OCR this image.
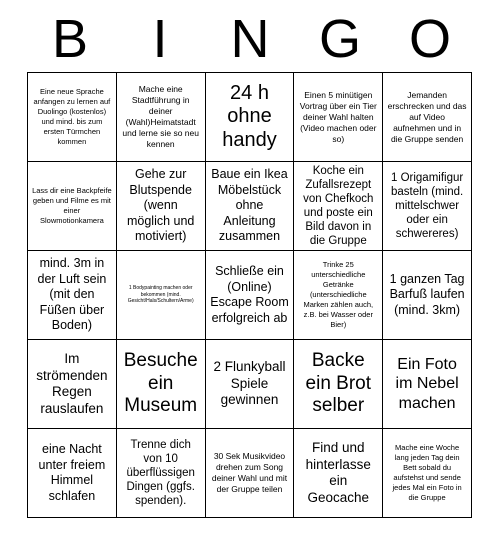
B	I	N G O
Eine neue Sprache anfangen zu lernen auf Duolingo (kostenlos) und mind. bis zum ersten Türmchen kommen
Mache eine Stadtführung in deiner (Wahl)Heimatstadt und lerne sie so neu kennen
24 h ohne handy
Einen 5 minütigen Vortrag über ein Tier deiner Wahl halten (Video machen oder so)
Jemanden erschrecken und das auf Video aufnehmen und in die Gruppe senden
Lass dir eine Backpfeife geben und Filme es mit einer Slowmotionkamera
Gehe zur Blutspende (wenn möglich und motiviert)
Baue ein Ikea Möbelstück ohne Anleitung zusammen
Koche ein Zufallsrezept von Chefkoch und poste ein Bild davon in die Gruppe
1 Origamifigur basteln (mind. mittelschwer oder ein schwereres)
mind. 3m in der Luft sein (mit den Füßen über Boden)
1 Bodypainting machen oder bekommen (mind. Gesicht/Hals/Schultern/Arme)
Schließe ein (Online) Escape Room erfolgreich ab
Trinke 25 unterschiedliche Getränke (unterschiedliche Marken zählen auch, z.B. bei Wasser oder Bier)
1 ganzen Tag Barfuß laufen (mind. 3km)
Im strömenden Regen rauslaufen
Besuche ein Museum
2 Flunkyball Spiele gewinnen
Backe ein Brot selber
Ein Foto im Nebel machen
eine Nacht unter freiem Himmel schlafen
Trenne dich von 10 überflüssigen Dingen (ggfs. spenden).
30 Sek Musikvideo drehen zum Song deiner Wahl und mit der Gruppe teilen
Find und hinterlasse ein Geocache
Mache eine Woche lang jeden Tag dein Bett sobald du aufstehst und sende jedes Mal ein Foto in die Gruppe
